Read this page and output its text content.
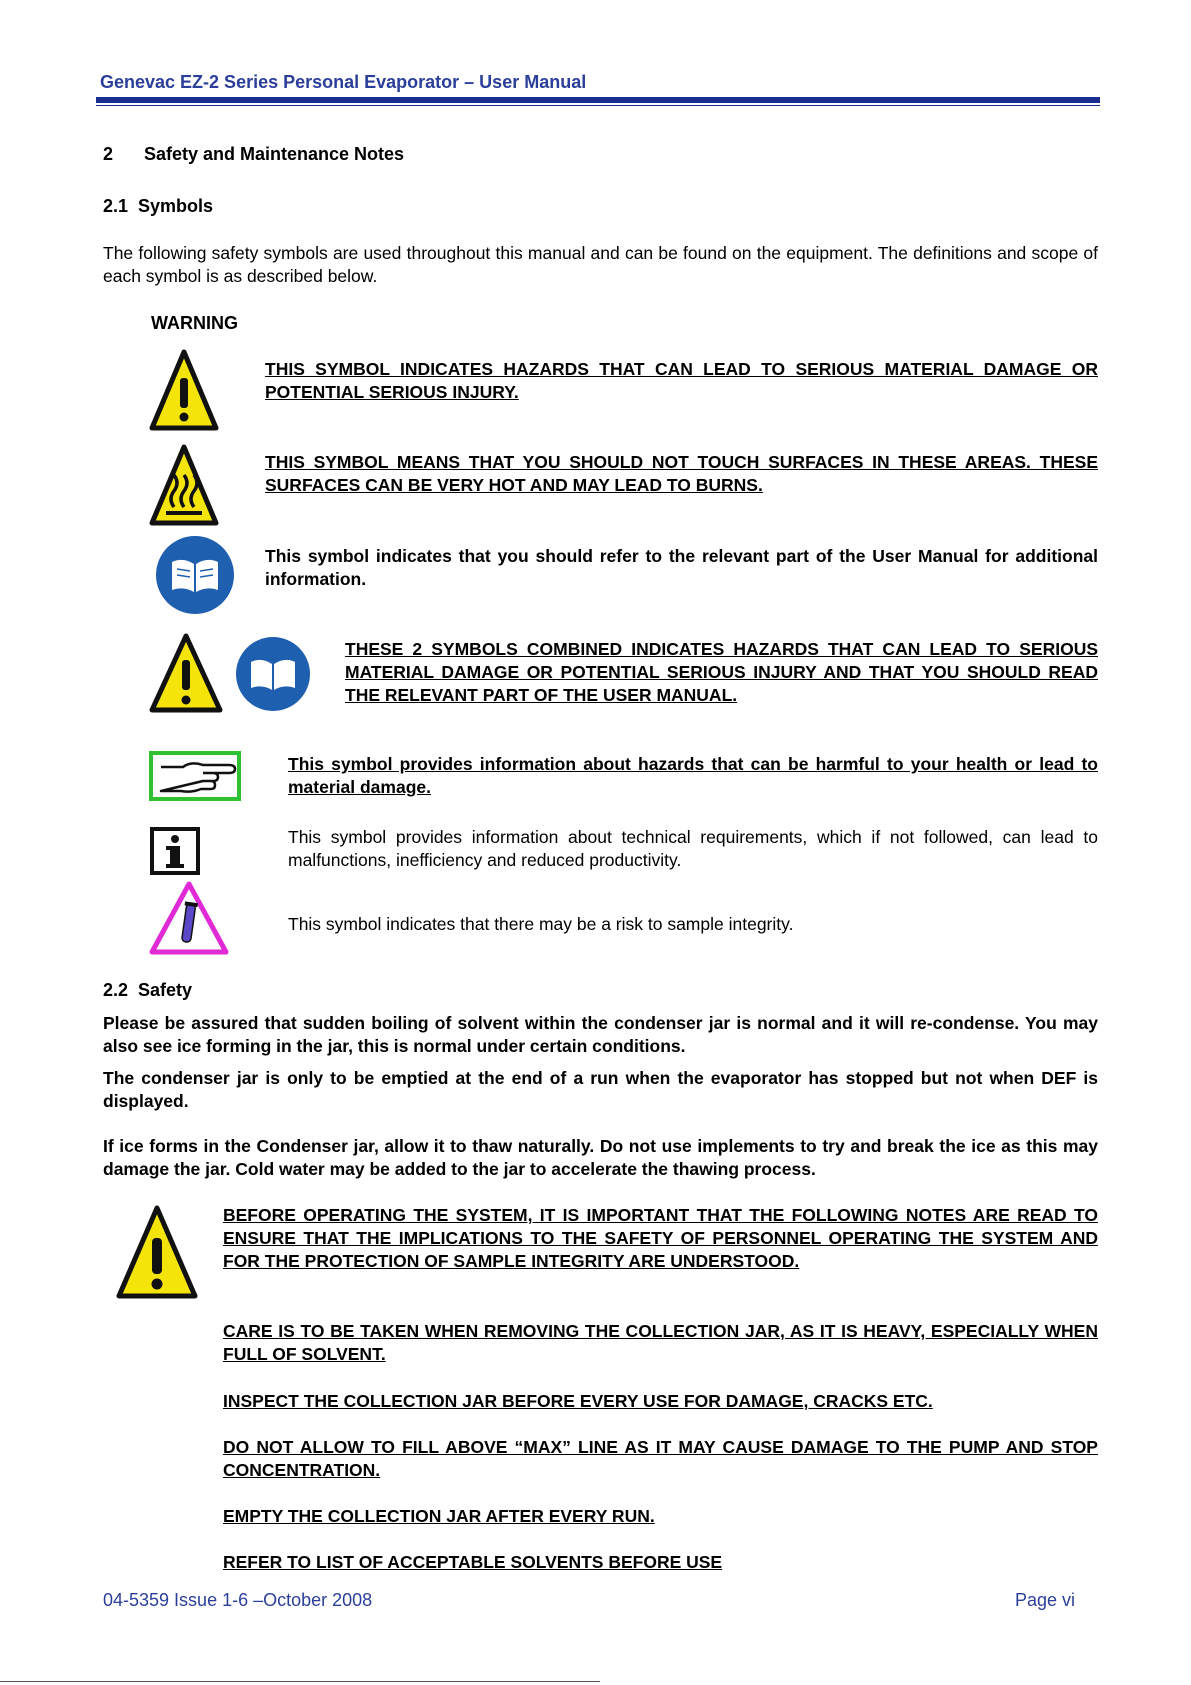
Genevac EZ-2 Series Personal Evaporator – User Manual
2 Safety and Maintenance Notes
2.1  Symbols
The following safety symbols are used throughout this manual and can be found on the equipment. The definitions and scope of each symbol is as described below.
WARNING
THIS SYMBOL INDICATES HAZARDS THAT CAN LEAD TO SERIOUS MATERIAL DAMAGE OR POTENTIAL SERIOUS INJURY.
THIS SYMBOL MEANS THAT YOU SHOULD NOT TOUCH SURFACES IN THESE AREAS. THESE SURFACES CAN BE VERY HOT AND MAY LEAD TO BURNS.
This symbol indicates that you should refer to the relevant part of the User Manual for additional information.
THESE 2 SYMBOLS COMBINED INDICATES HAZARDS THAT CAN LEAD TO SERIOUS MATERIAL DAMAGE OR POTENTIAL SERIOUS INJURY AND THAT YOU SHOULD READ THE RELEVANT PART OF THE USER MANUAL.
This symbol provides information about hazards that can be harmful to your health or lead to material damage.
This symbol provides information about technical requirements, which if not followed, can lead to malfunctions, inefficiency and reduced productivity.
This symbol indicates that there may be a risk to sample integrity.
2.2  Safety
Please be assured that sudden boiling of solvent within the condenser jar is normal and it will re-condense. You may also see ice forming in the jar, this is normal under certain conditions.
The condenser jar is only to be emptied at the end of a run when the evaporator has stopped but not when DEF is displayed.
If ice forms in the Condenser jar, allow it to thaw naturally. Do not use implements to try and break the ice as this may damage the jar. Cold water may be added to the jar to accelerate the thawing process.
BEFORE OPERATING THE SYSTEM, IT IS IMPORTANT THAT THE FOLLOWING NOTES ARE READ TO ENSURE THAT THE IMPLICATIONS TO THE SAFETY OF PERSONNEL OPERATING THE SYSTEM AND FOR THE PROTECTION OF SAMPLE INTEGRITY ARE UNDERSTOOD.
CARE IS TO BE TAKEN WHEN REMOVING THE COLLECTION JAR, AS IT IS HEAVY, ESPECIALLY WHEN FULL OF SOLVENT.
INSPECT THE COLLECTION JAR BEFORE EVERY USE FOR DAMAGE, CRACKS ETC.
DO NOT ALLOW TO FILL ABOVE “MAX” LINE AS IT MAY CAUSE DAMAGE TO THE PUMP AND STOP CONCENTRATION.
EMPTY THE COLLECTION JAR AFTER EVERY RUN.
REFER TO LIST OF ACCEPTABLE SOLVENTS BEFORE USE
04-5359 Issue 1-6 –October 2008	Page vi
